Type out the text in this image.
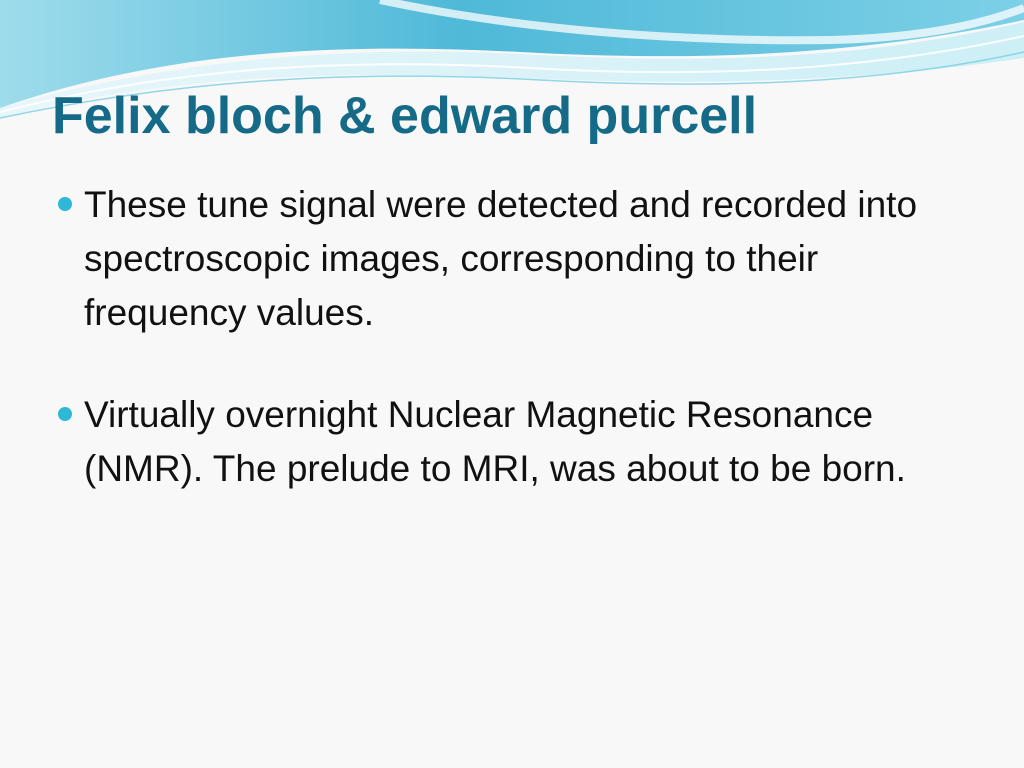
Felix bloch & edward purcell
These tune signal were detected and recorded into spectroscopic images, corresponding to their frequency values.
Virtually overnight Nuclear Magnetic Resonance (NMR). The prelude to MRI, was about to be born.
